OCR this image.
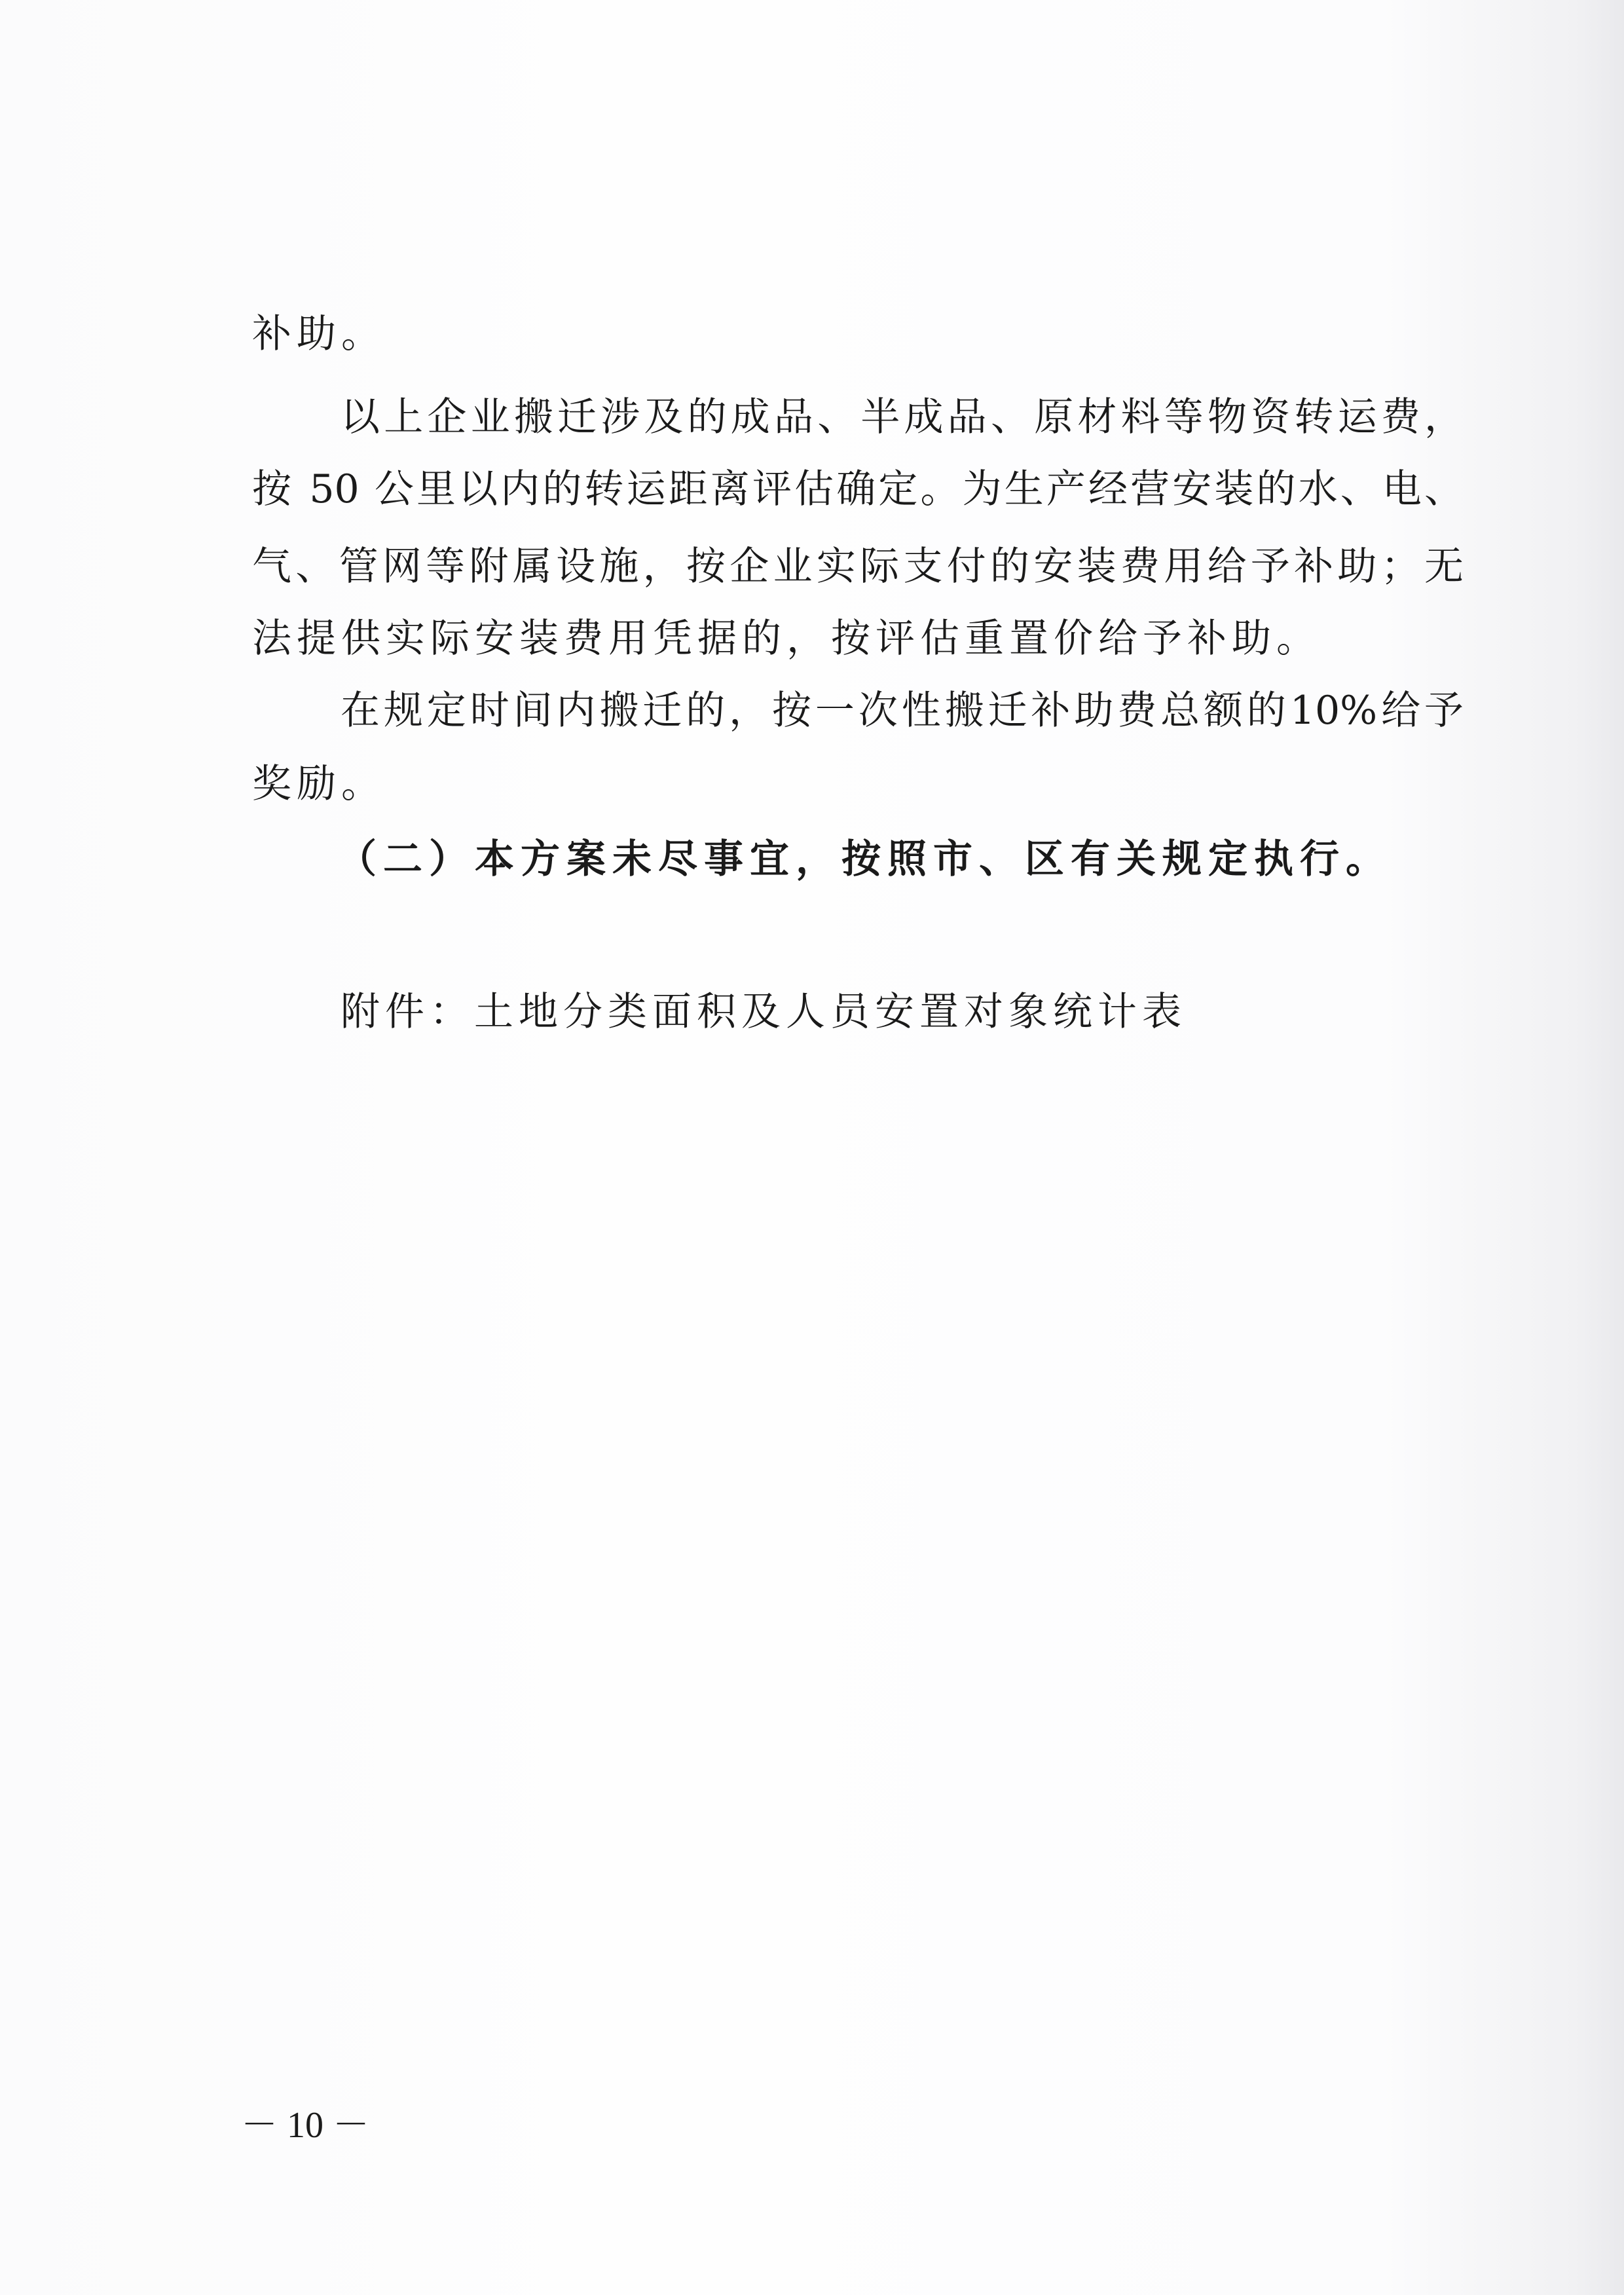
补助。
以上企业搬迁涉及的成品、半成品、原材料等物资转运费，
按 50 公里以内的转运距离评估确定。为生产经营安装的水、电、
气、管网等附属设施，按企业实际支付的安装费用给予补助；无
法提供实际安装费用凭据的，按评估重置价给予补助。
在规定时间内搬迁的，按一次性搬迁补助费总额的10%给予
奖励。
（二）本方案未尽事宜，按照市、区有关规定执行。
附件：土地分类面积及人员安置对象统计表
－ 10 －
